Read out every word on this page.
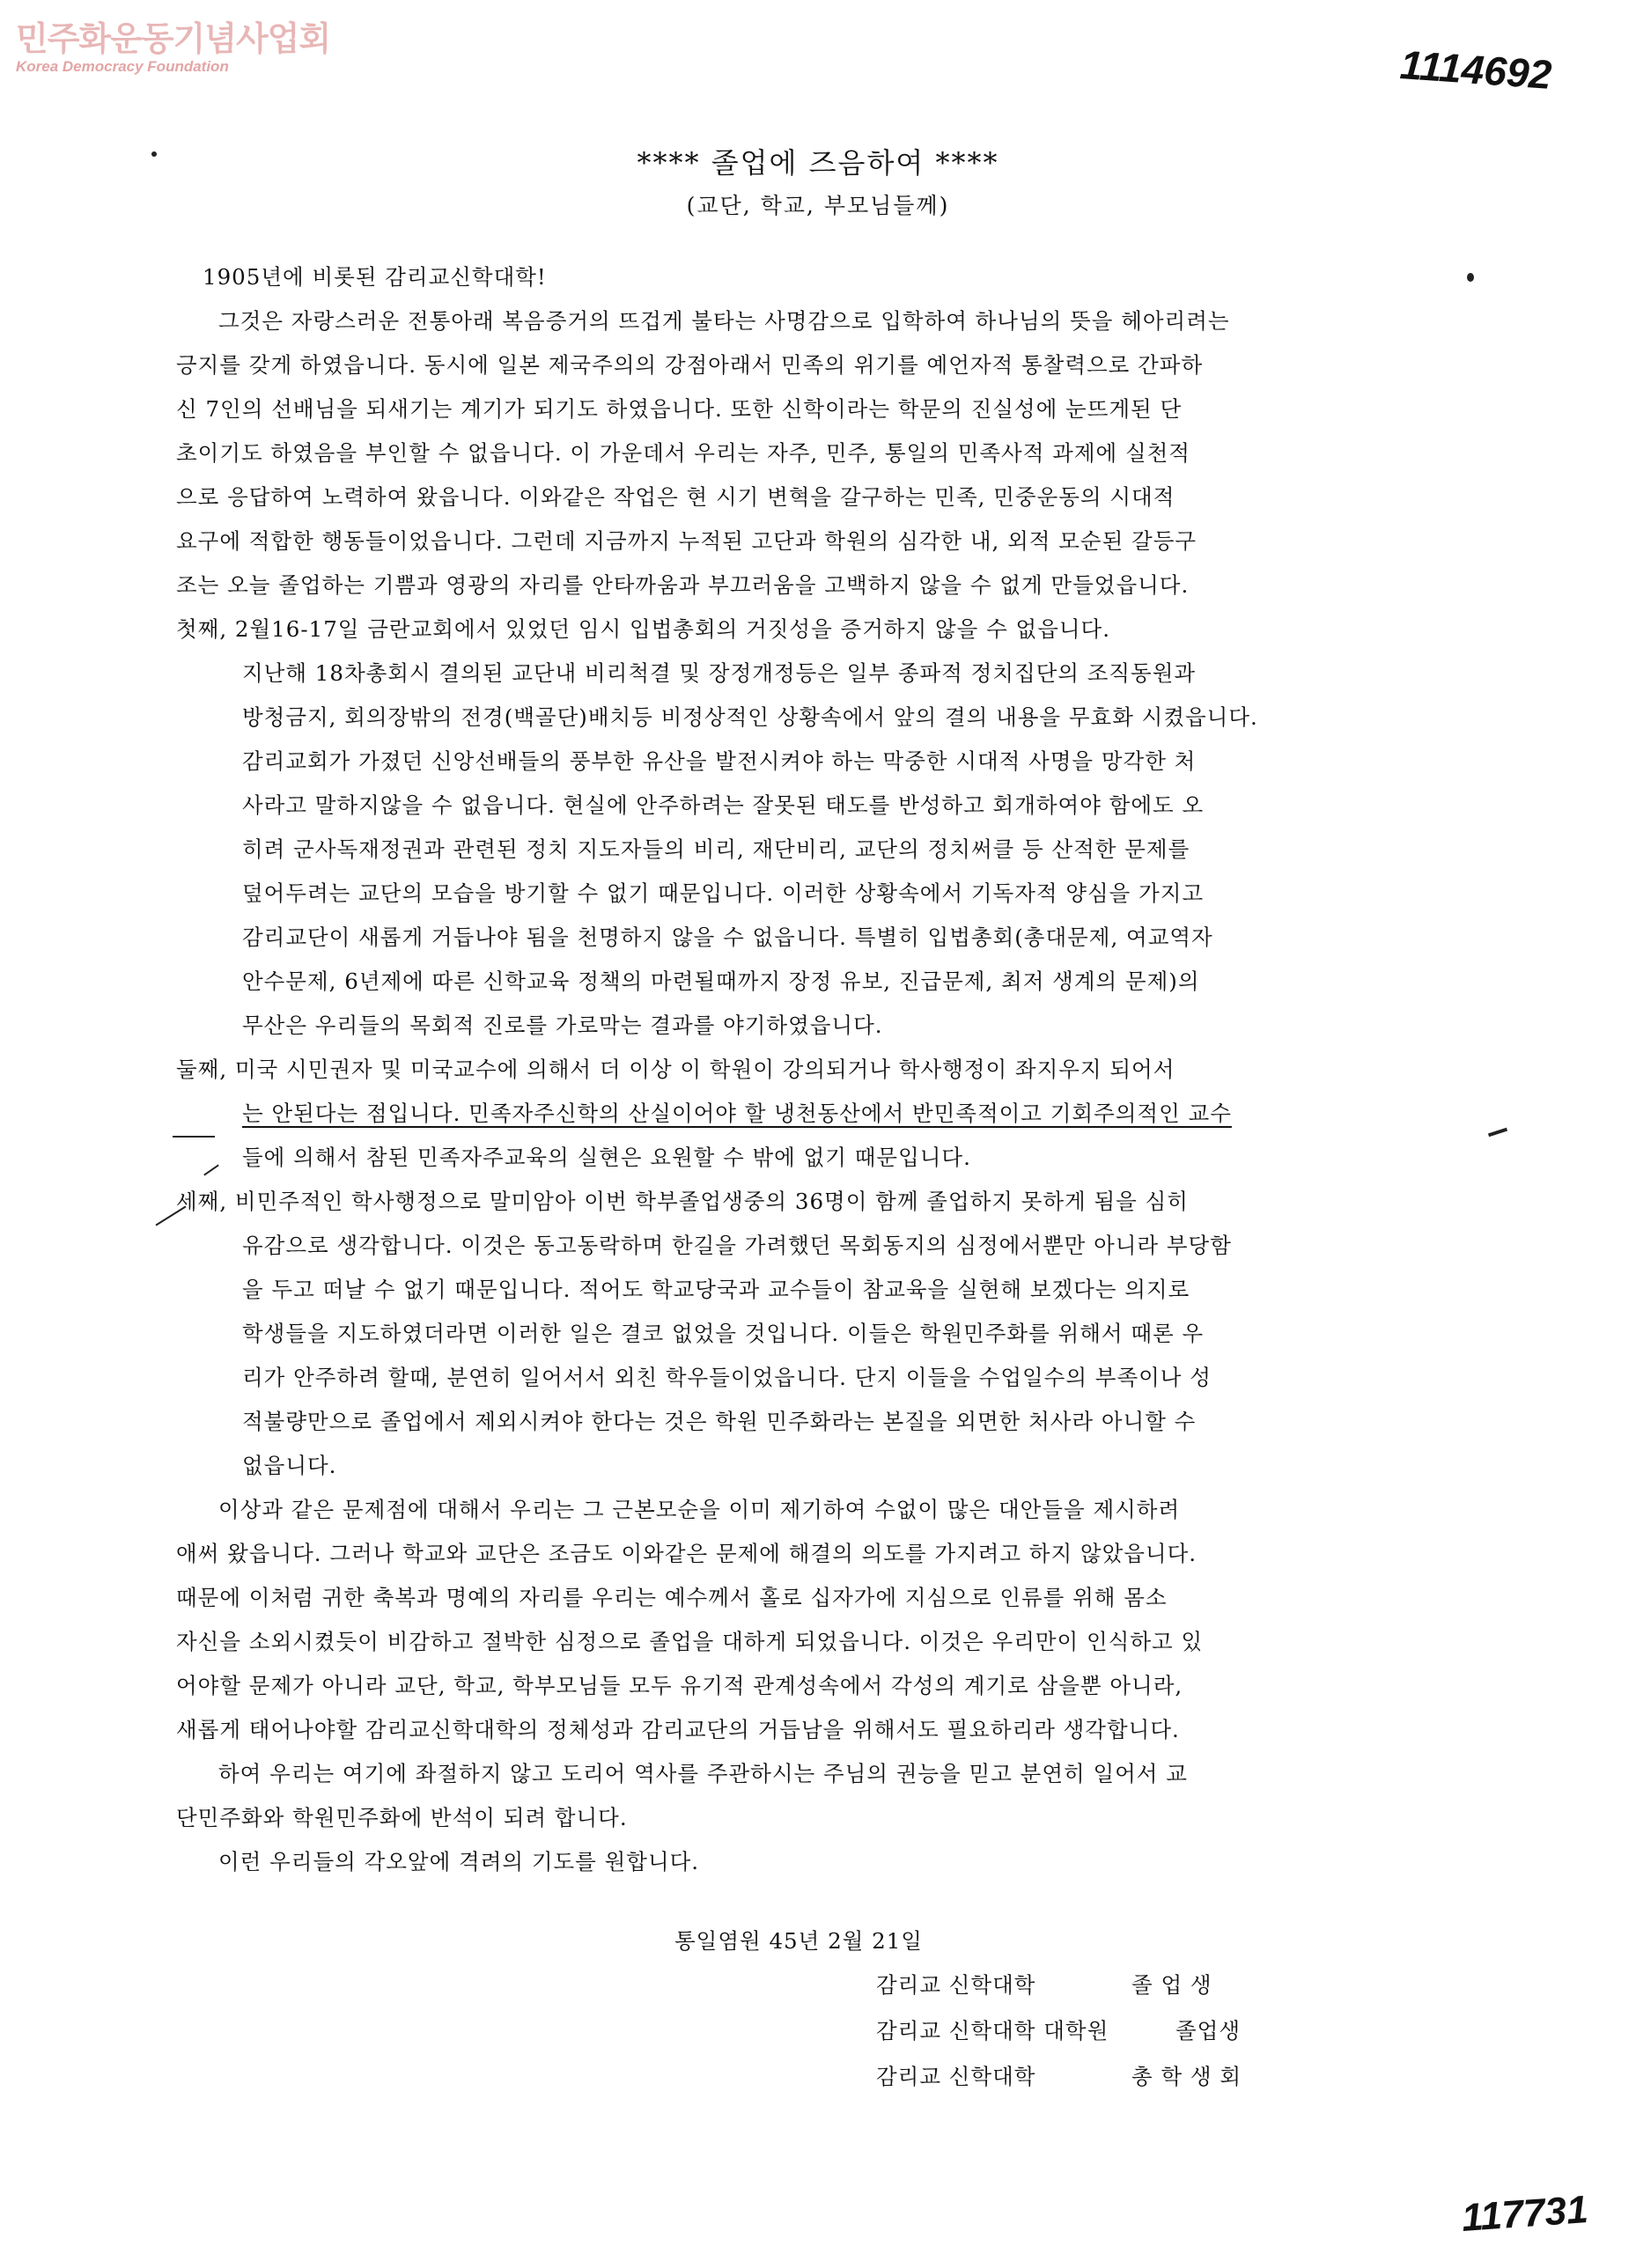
민주화운동기념사업회
Korea Democracy Foundation	1114692
**** 졸업에 즈음하여 ****
(교단, 학교, 부모님들께)
1905년에 비롯된 감리교신학대학!
그것은 자랑스러운 전통아래 복음증거의 뜨겁게 불타는 사명감으로 입학하여 하나님의 뜻을 헤아리려는
긍지를 갖게 하였읍니다. 동시에 일본 제국주의의 강점아래서 민족의 위기를 예언자적 통찰력으로 간파하
신 7인의 선배님을 되새기는 계기가 되기도 하였읍니다. 또한 신학이라는 학문의 진실성에 눈뜨게된 단
초이기도 하였음을 부인할 수 없읍니다. 이 가운데서 우리는 자주, 민주, 통일의 민족사적 과제에 실천적
으로 응답하여 노력하여 왔읍니다. 이와같은 작업은 현 시기 변혁을 갈구하는 민족, 민중운동의 시대적
요구에 적합한 행동들이었읍니다. 그런데 지금까지 누적된 고단과 학원의 심각한 내, 외적 모순된 갈등구
조는 오늘 졸업하는 기쁨과 영광의 자리를 안타까움과 부끄러움을 고백하지 않을 수 없게 만들었읍니다.
첫째, 2월16-17일 금란교회에서 있었던 임시 입법총회의 거짓성을 증거하지 않을 수 없읍니다.
지난해 18차총회시 결의된 교단내 비리척결 및 장정개정등은 일부 종파적 정치집단의 조직동원과
방청금지, 회의장밖의 전경(백골단)배치등 비정상적인 상황속에서 앞의 결의 내용을 무효화 시켰읍니다.
감리교회가 가졌던 신앙선배들의 풍부한 유산을 발전시켜야 하는 막중한 시대적 사명을 망각한 처
사라고 말하지않을 수 없읍니다. 현실에 안주하려는 잘못된 태도를 반성하고 회개하여야 함에도 오
히려 군사독재정권과 관련된 정치 지도자들의 비리, 재단비리, 교단의 정치써클 등 산적한 문제를
덮어두려는 교단의 모습을 방기할 수 없기 때문입니다. 이러한 상황속에서 기독자적 양심을 가지고
감리교단이 새롭게 거듭나야 됨을 천명하지 않을 수 없읍니다. 특별히 입법총회(총대문제, 여교역자
안수문제, 6년제에 따른 신학교육 정책의 마련될때까지 장정 유보, 진급문제, 최저 생계의 문제)의
무산은 우리들의 목회적 진로를 가로막는 결과를 야기하였읍니다.
둘째, 미국 시민권자 및 미국교수에 의해서 더 이상 이 학원이 강의되거나 학사행정이 좌지우지 되어서
는 안된다는 점입니다. 민족자주신학의 산실이어야 할 냉천동산에서 반민족적이고 기회주의적인 교수
들에 의해서 참된 민족자주교육의 실현은 요원할 수 밖에 없기 때문입니다.
세째, 비민주적인 학사행정으로 말미암아 이번 학부졸업생중의 36명이 함께 졸업하지 못하게 됨을 심히
유감으로 생각합니다. 이것은 동고동락하며 한길을 가려했던 목회동지의 심정에서뿐만 아니라 부당함
을 두고 떠날 수 없기 때문입니다. 적어도 학교당국과 교수들이 참교육을 실현해 보겠다는 의지로
학생들을 지도하였더라면 이러한 일은 결코 없었을 것입니다. 이들은 학원민주화를 위해서 때론 우
리가 안주하려 할때, 분연히 일어서서 외친 학우들이었읍니다. 단지 이들을 수업일수의 부족이나 성
적불량만으로 졸업에서 제외시켜야 한다는 것은 학원 민주화라는 본질을 외면한 처사라 아니할 수
없읍니다.
이상과 같은 문제점에 대해서 우리는 그 근본모순을 이미 제기하여 수없이 많은 대안들을 제시하려
애써 왔읍니다. 그러나 학교와 교단은 조금도 이와같은 문제에 해결의 의도를 가지려고 하지 않았읍니다.
때문에 이처럼 귀한 축복과 명예의 자리를 우리는 예수께서 홀로 십자가에 지심으로 인류를 위해 몸소
자신을 소외시켰듯이 비감하고 절박한 심정으로 졸업을 대하게 되었읍니다. 이것은 우리만이 인식하고 있
어야할 문제가 아니라 교단, 학교, 학부모님들 모두 유기적 관계성속에서 각성의 계기로 삼을뿐 아니라,
새롭게 태어나야할 감리교신학대학의 정체성과 감리교단의 거듭남을 위해서도 필요하리라 생각합니다.
하여 우리는 여기에 좌절하지 않고 도리어 역사를 주관하시는 주님의 권능을 믿고 분연히 일어서 교
단민주화와 학원민주화에 반석이 되려 합니다.
이런 우리들의 각오앞에 격려의 기도를 원합니다.
통일염원 45년 2월 21일
감리교 신학대학	졸 업 생
감리교 신학대학 대학원	졸업생
감리교 신학대학	총 학 생 회
117731
